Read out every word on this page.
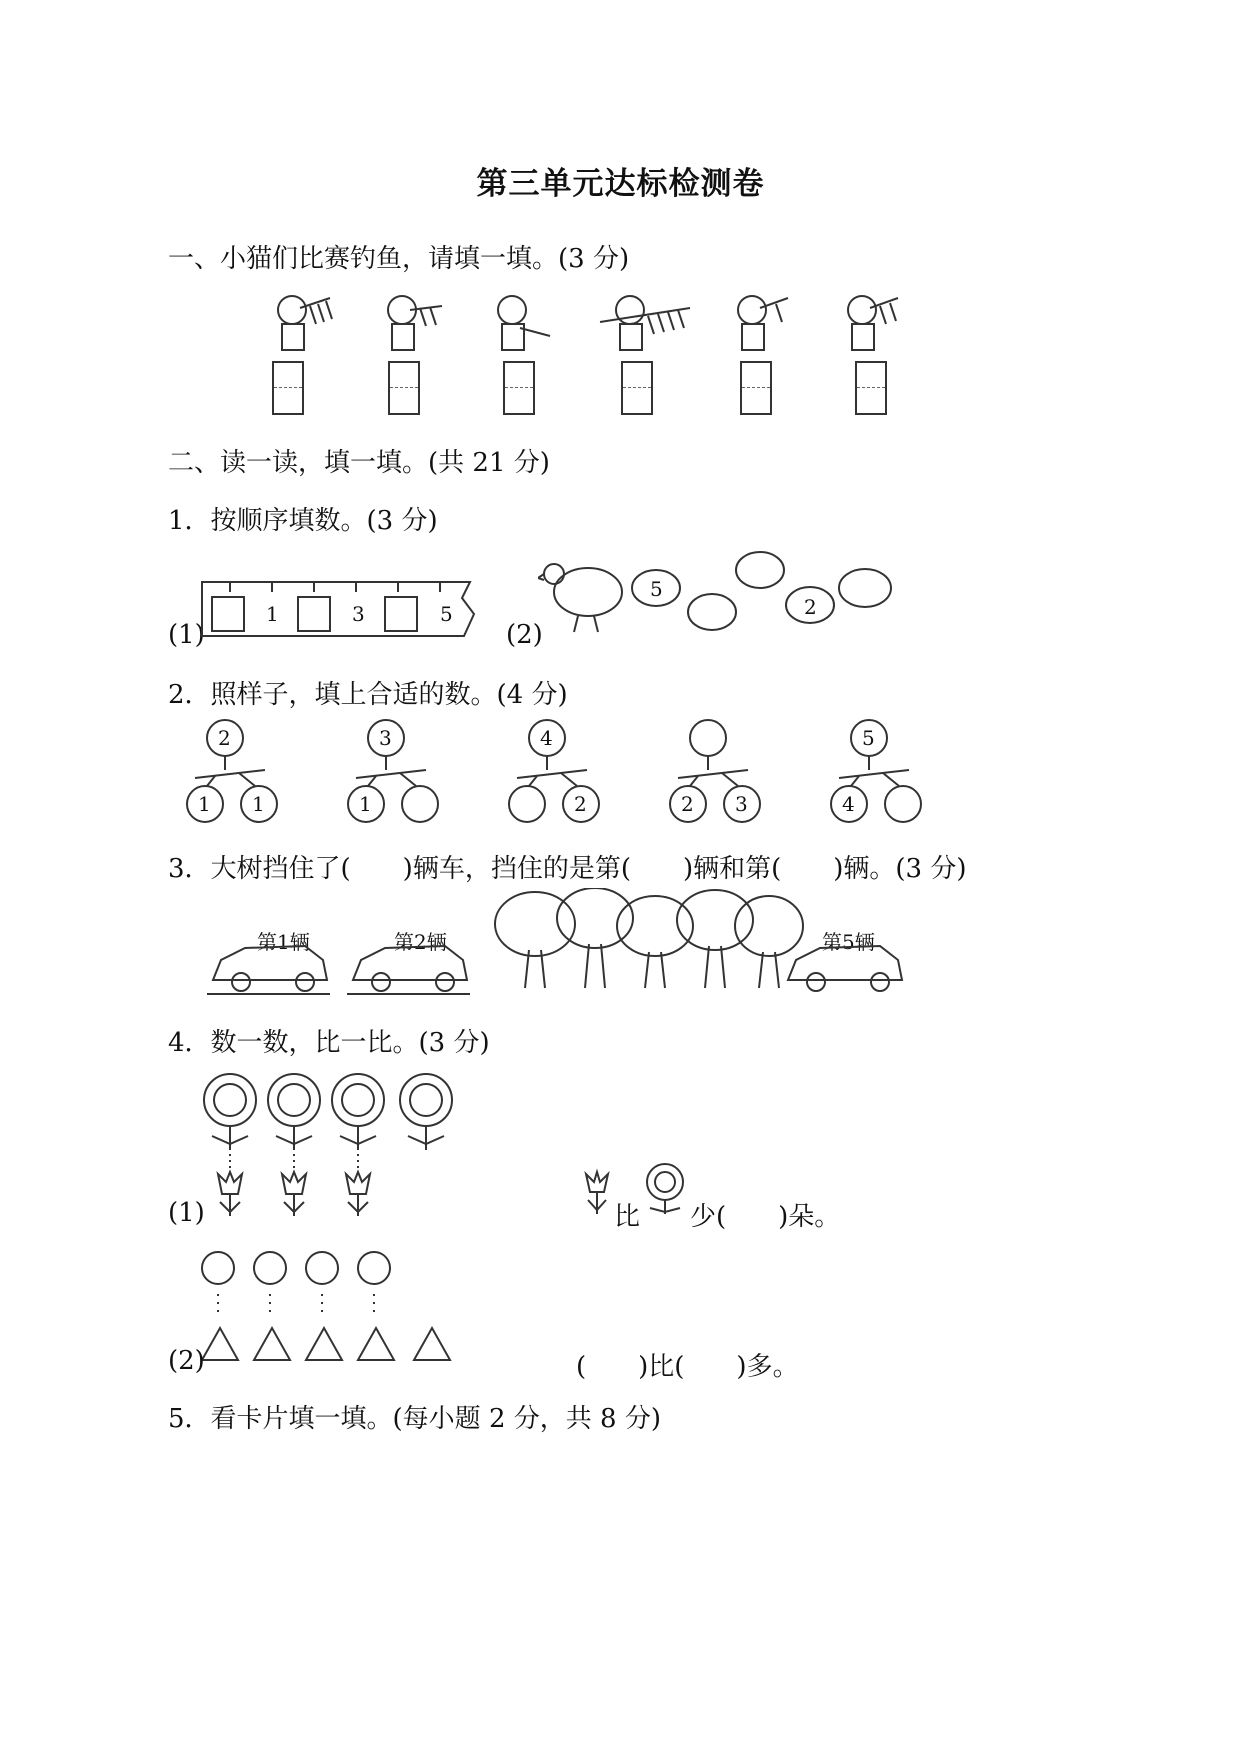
第三单元达标检测卷
一、小猫们比赛钓鱼，请填一填。(3 分)
二、读一读，填一填。(共 21 分)
1．按顺序填数。(3 分)
(1)
1	3	5
(2)
5
2
2．照样子，填上合适的数。(4 分)
2
1 1
3
1
4
2	2 3
5
4
3．大树挡住了(　　)辆车，挡住的是第(　　)辆和第(　　)辆。(3 分)
第1辆	第2辆	第5辆
4．数一数，比一比。(3 分)
(1)	比 少(　　)朵。
(2)	(　　)比(　　)多。
5．看卡片填一填。(每小题 2 分，共 8 分)
